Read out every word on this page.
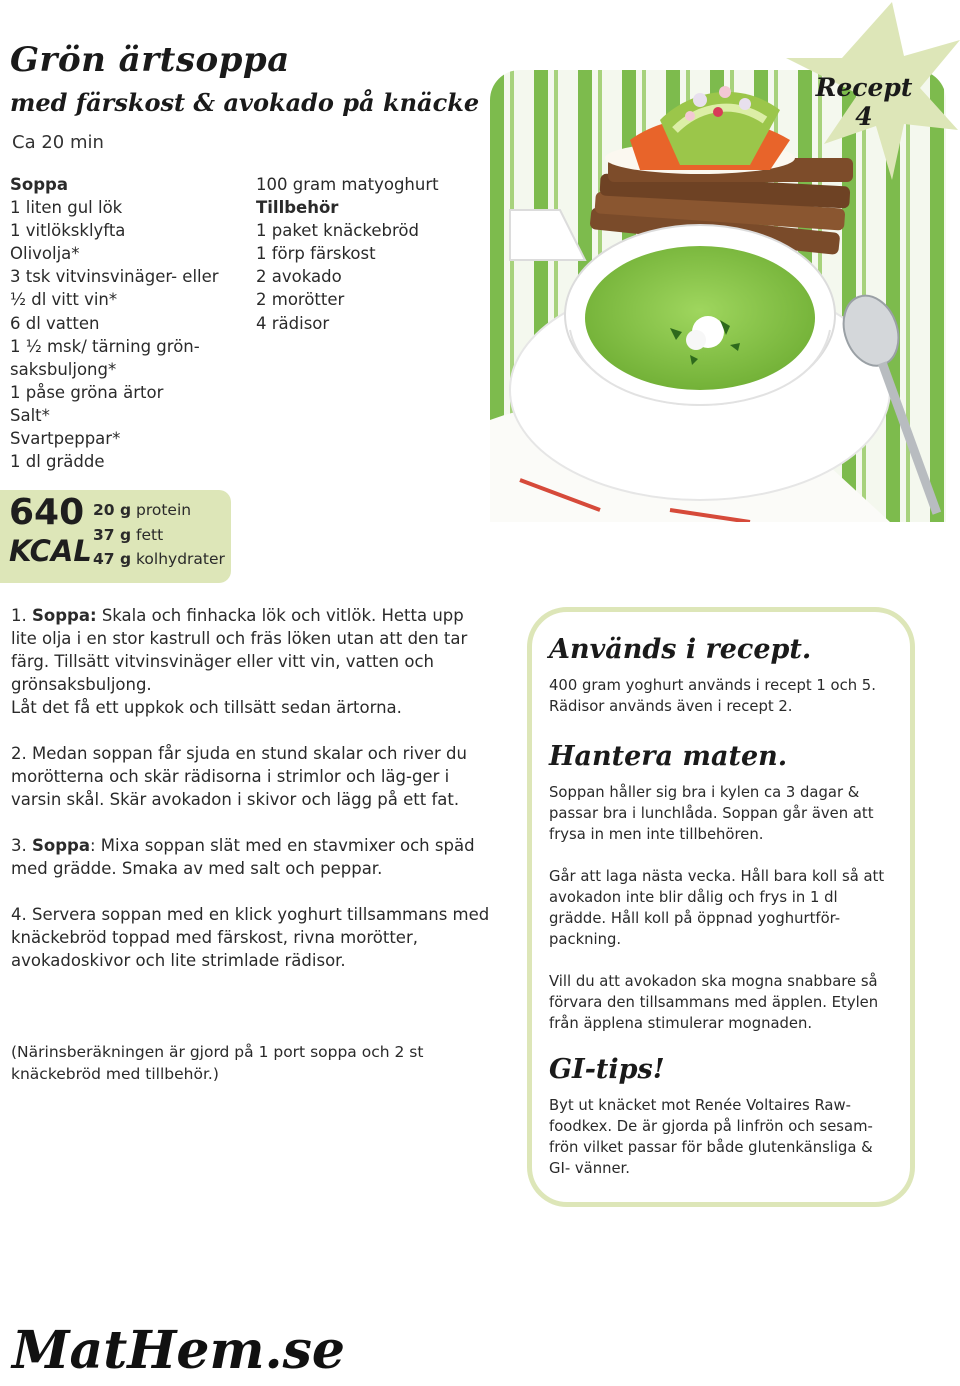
Grön ärtsoppa
med färskost & avokado på knäcke
Ca 20 min
Soppa
1 liten gul lök
1 vitlöksklyfta
Olivolja*
3 tsk vitvinsvinäger- eller
½ dl vitt vin*
6 dl vatten
1 ½ msk/ tärning grön-
saksbuljong*
1 påse gröna ärtor
Salt*
Svartpeppar*
1 dl grädde
100 gram matyoghurt
Tillbehör
1 paket knäckebröd
1 förp färskost
2 avokado
2 morötter
4 rädisor
640
KCAL
20 g protein
37 g fett
47 g kolhydrater
Recept
4

1. Soppa: Skala och finhacka lök och vitlök. Hetta upp lite olja i en stor kastrull och fräs löken utan att den tar färg. Tillsätt vitvinsvinäger eller vitt vin, vatten och grönsaksbuljong.
Låt det få ett uppkok och tillsätt sedan ärtorna.

2. Medan soppan får sjuda en stund skalar och river du morötterna och skär rädisorna i strimlor och läg-ger i varsin skål. Skär avokadon i skivor och lägg på ett fat.

3. Soppa: Mixa soppan slät med en stavmixer och späd med grädde. Smaka av med salt och peppar.

4. Servera soppan med en klick yoghurt tillsammans med knäckebröd toppad med färskost, rivna morötter, avokadoskivor och lite strimlade rädisor.

(Närinsberäkningen är gjord på 1 port soppa och 2 st knäckebröd med tillbehör.)

Används i recept.

400 gram yoghurt används i recept 1 och 5. Rädisor används även i recept 2.

Hantera maten.

Soppan håller sig bra i kylen ca 3 dagar & passar bra i lunchlåda. Soppan går även att frysa in men inte tillbehören.

Går att laga nästa vecka. Håll bara koll så att avokadon inte blir dålig och frys in 1 dl grädde. Håll koll på öppnad yoghurtför-packning.

Vill du att avokadon ska mogna snabbare så förvara den tillsammans med äpplen. Etylen från äpplena stimulerar mognaden.

GI-tips!

Byt ut knäcket mot Renée Voltaires Raw-foodkex. De är gjorda på linfrön och sesam-frön vilket passar för både glutenkänsliga & GI- vänner.

MatHem.se
